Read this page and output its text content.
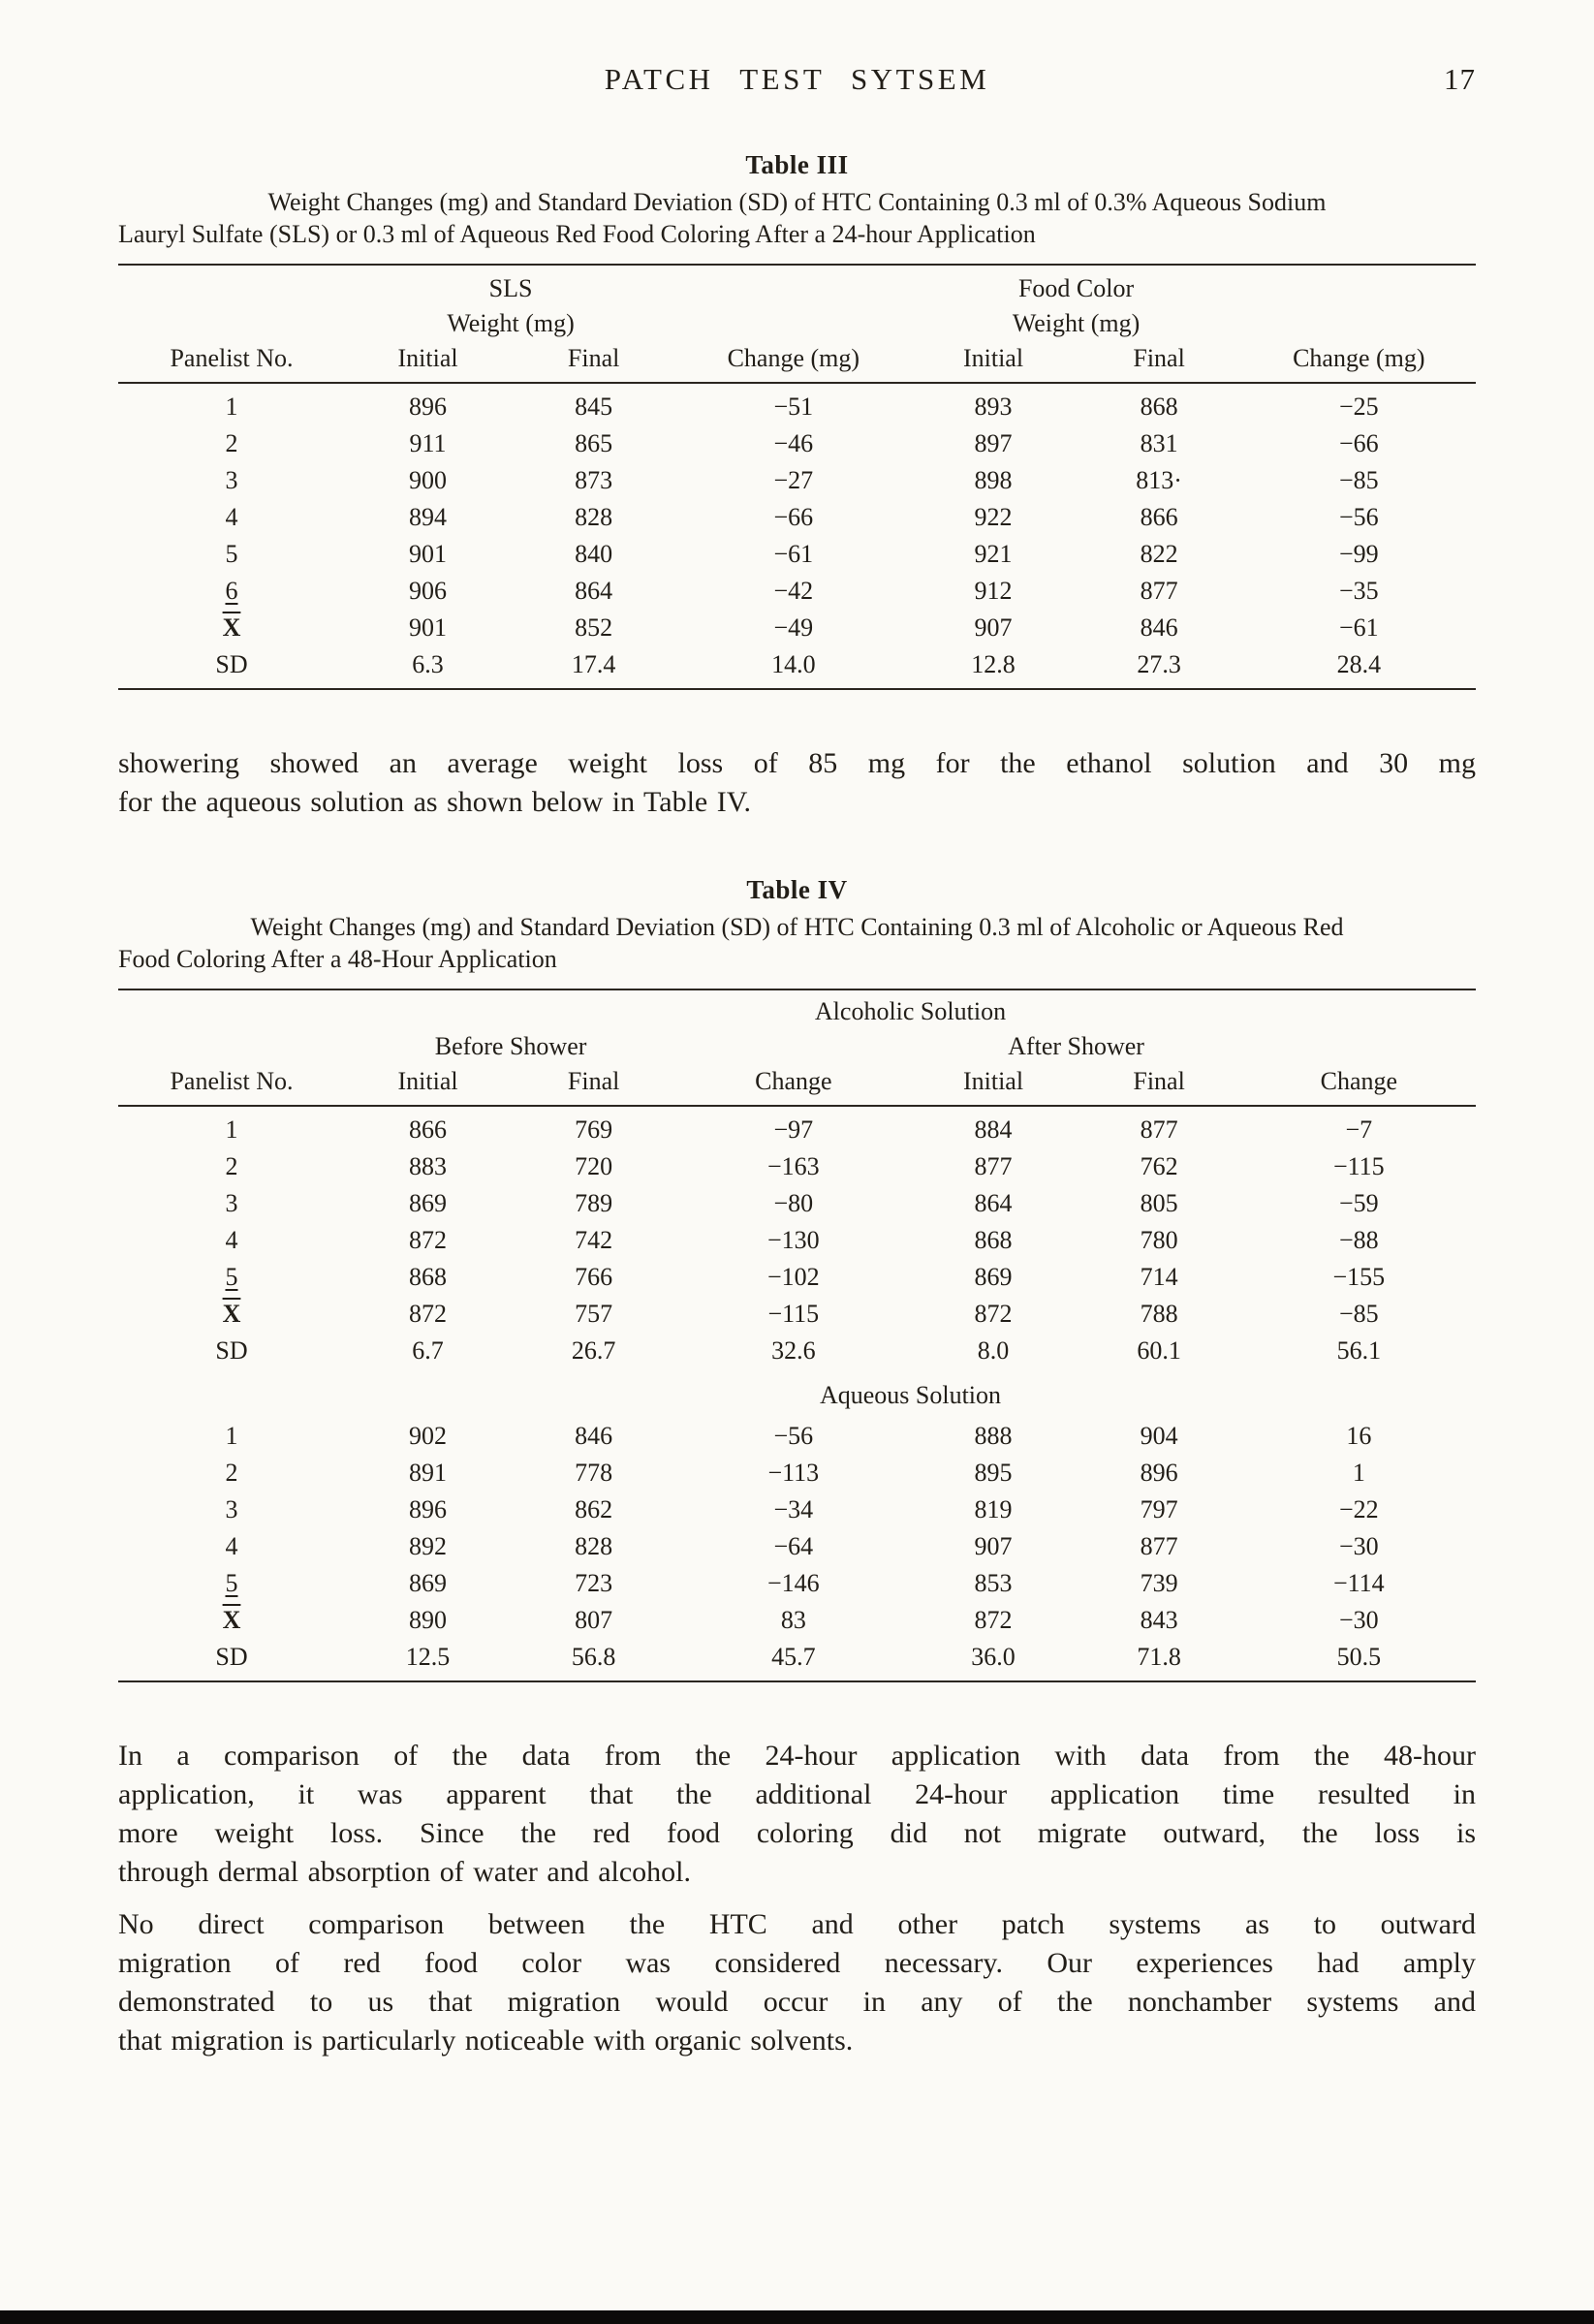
PATCH TEST SYTSEM	17
Table III
Weight Changes (mg) and Standard Deviation (SD) of HTC Containing 0.3 ml of 0.3% Aqueous Sodium
Lauryl Sulfate (SLS) or 0.3 ml of Aqueous Red Food Coloring After a 24-hour Application
	SLS			Food Color		
	Weight (mg)			Weight (mg)		
Panelist No.	Initial	Final	Change (mg)	Initial	Final	Change (mg)
1	896	845	−51	893	868	−25
2	911	865	−46	897	831	−66
3	900	873	−27	898	813·	−85
4	894	828	−66	922	866	−56
5	901	840	−61	921	822	−99
6	906	864	−42	912	877	−35
$\overline{X}$	901	852	−49	907	846	−61
SD	6.3	17.4	14.0	12.8	27.3	28.4
showering showed an average weight loss of 85 mg for the ethanol solution and 30 mg
for the aqueous solution as shown below in Table IV.
Table IV
Weight Changes (mg) and Standard Deviation (SD) of HTC Containing 0.3 ml of Alcoholic or Aqueous Red
Food Coloring After a 48-Hour Application
	Alcoholic Solution					
	Before Shower			After Shower		
Panelist No.	Initial	Final	Change	Initial	Final	Change
1	866	769	−97	884	877	−7
2	883	720	−163	877	762	−115
3	869	789	−80	864	805	−59
4	872	742	−130	868	780	−88
5	868	766	−102	869	714	−155
$\overline{X}$	872	757	−115	872	788	−85
SD	6.7	26.7	32.6	8.0	60.1	56.1
	Aqueous Solution					
1	902	846	−56	888	904	16
2	891	778	−113	895	896	1
3	896	862	−34	819	797	−22
4	892	828	−64	907	877	−30
5	869	723	−146	853	739	−114
$\overline{X}$	890	807	83	872	843	−30
SD	12.5	56.8	45.7	36.0	71.8	50.5
In a comparison of the data from the 24-hour application with data from the 48-hour
application, it was apparent that the additional 24-hour application time resulted in
more weight loss. Since the red food coloring did not migrate outward, the loss is
through dermal absorption of water and alcohol.
No direct comparison between the HTC and other patch systems as to outward
migration of red food color was considered necessary. Our experiences had amply
demonstrated to us that migration would occur in any of the nonchamber systems and
that migration is particularly noticeable with organic solvents.
